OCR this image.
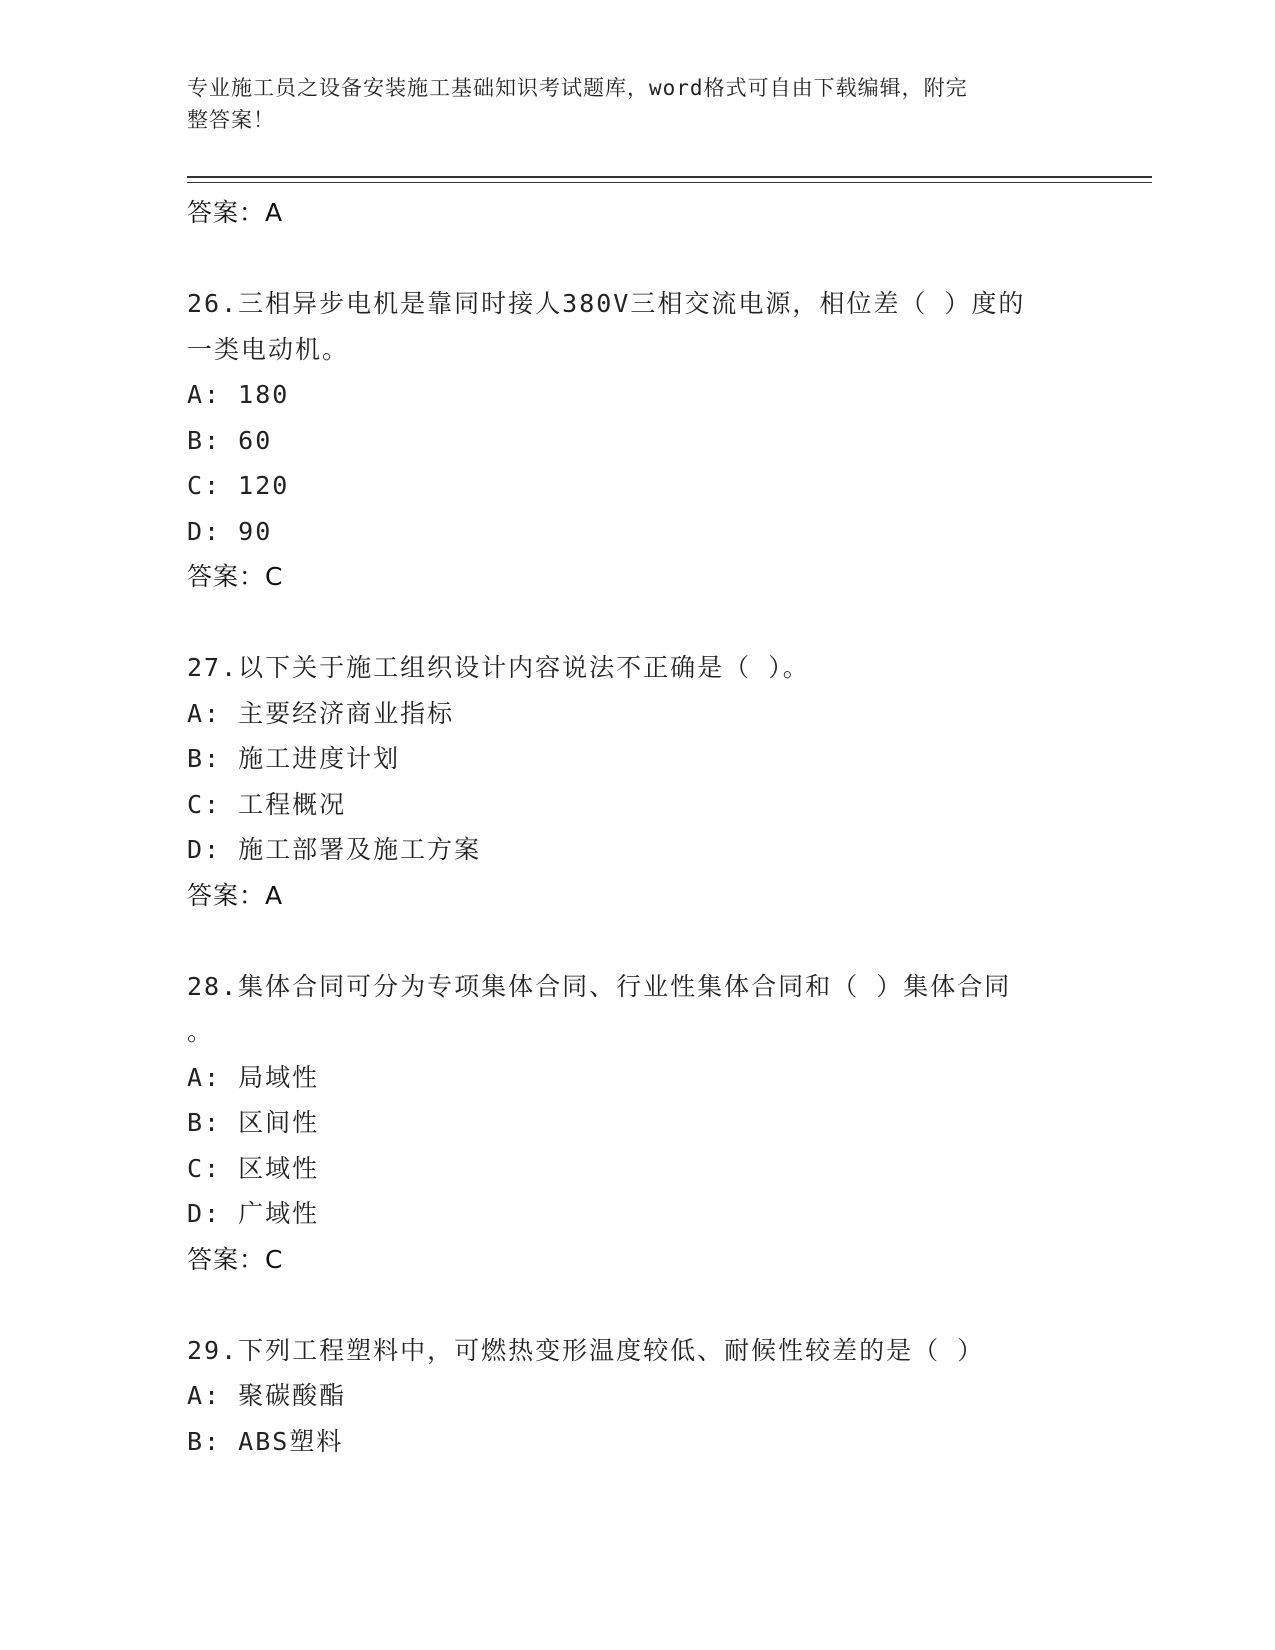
专业施工员之设备安装施工基础知识考试题库，word格式可自由下载编辑，附完
整答案！
答案：A
26.三相异步电机是靠同时接人380V三相交流电源，相位差（ ）度的
一类电动机。
A: 180
B: 60
C: 120
D: 90
答案：C
27.以下关于施工组织设计内容说法不正确是（ ）。
A: 主要经济商业指标
B: 施工进度计划
C: 工程概况
D: 施工部署及施工方案
答案：A
28.集体合同可分为专项集体合同、行业性集体合同和（ ）集体合同
。
A: 局域性
B: 区间性
C: 区域性
D: 广域性
答案：C
29.下列工程塑料中，可燃热变形温度较低、耐候性较差的是（ ）
A: 聚碳酸酯
B: ABS塑料
